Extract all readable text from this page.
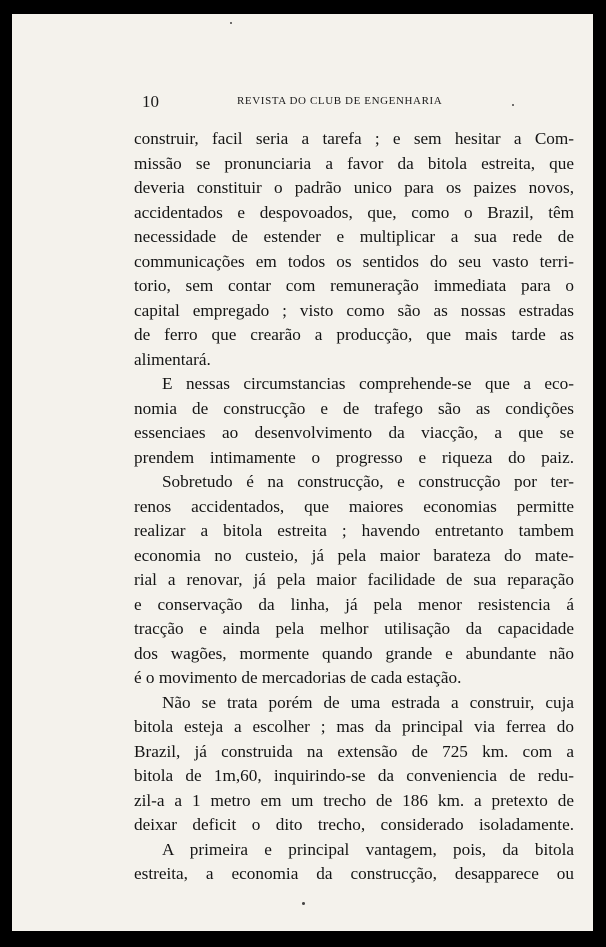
10	REVISTA DO CLUB DE ENGENHARIA
construir, facil seria a tarefa ; e sem hesitar a Com-
missão se pronunciaria a favor da bitola estreita, que
deveria constituir o padrão unico para os paizes novos,
accidentados e despovoados, que, como o Brazil, têm
necessidade de estender e multiplicar a sua rede de
communicações em todos os sentidos do seu vasto terri-
torio, sem contar com remuneração immediata para o
capital empregado ; visto como são as nossas estradas
de ferro que crearão a producção, que mais tarde as
alimentará.
E nessas circumstancias comprehende-se que a eco-
nomia de construcção e de trafego são as condições
essenciaes ao desenvolvimento da viacção, a que se
prendem intimamente o progresso e riqueza do paiz.
Sobretudo é na construcção, e construcção por ter-
renos accidentados, que maiores economias permitte
realizar a bitola estreita ; havendo entretanto tambem
economia no custeio, já pela maior barateza do mate-
rial a renovar, já pela maior facilidade de sua reparação
e conservação da linha, já pela menor resistencia á
tracção e ainda pela melhor utilisação da capacidade
dos wagões, mormente quando grande e abundante não
é o movimento de mercadorias de cada estação.
Não se trata porém de uma estrada a construir, cuja
bitola esteja a escolher ; mas da principal via ferrea do
Brazil, já construida na extensão de 725 km. com a
bitola de 1m,60, inquirindo-se da conveniencia de redu-
zil-a a 1 metro em um trecho de 186 km. a pretexto de
deixar deficit o dito trecho, considerado isoladamente.
A primeira e principal vantagem, pois, da bitola
estreita, a economia da construcção, desapparece ou
